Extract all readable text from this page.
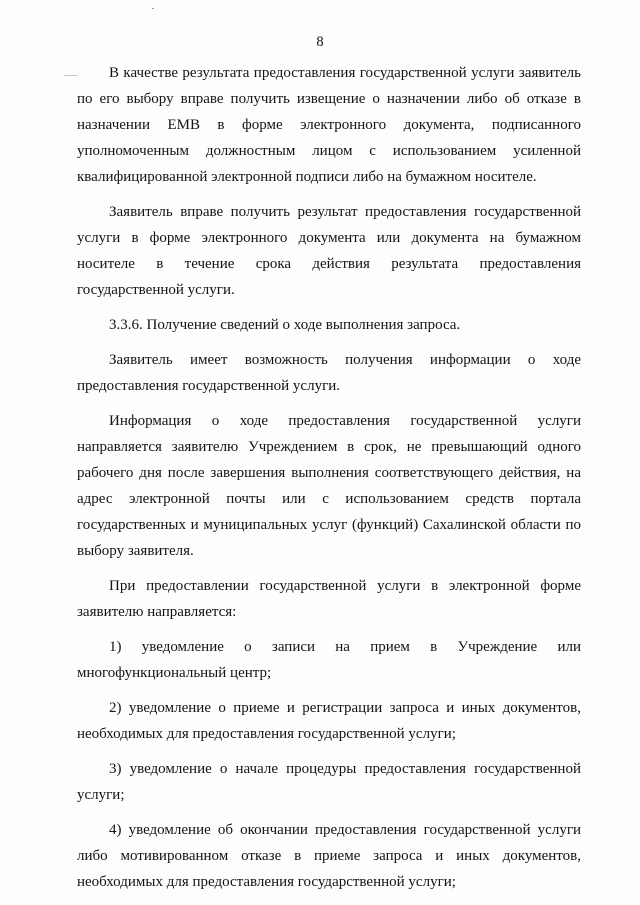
8

В качестве результата предоставления государственной услуги заявитель по его выбору вправе получить извещение о назначении либо об отказе в назначении ЕМВ в форме электронного документа, подписанного уполномоченным должностным лицом с использованием усиленной квалифицированной электронной подписи либо на бумажном носителе.

Заявитель вправе получить результат предоставления государственной услуги в форме электронного документа или документа на бумажном носителе в течение срока действия результата предоставления государственной услуги.

3.3.6. Получение сведений о ходе выполнения запроса.

Заявитель имеет возможность получения информации о ходе предоставления государственной услуги.

Информация о ходе предоставления государственной услуги направляется заявителю Учреждением в срок, не превышающий одного рабочего дня после завершения выполнения соответствующего действия, на адрес электронной почты или с использованием средств портала государственных и муниципальных услуг (функций) Сахалинской области по выбору заявителя.

При предоставлении государственной услуги в электронной форме заявителю направляется:

1) уведомление о записи на прием в Учреждение или многофункциональный центр;

2) уведомление о приеме и регистрации запроса и иных документов, необходимых для предоставления государственной услуги;

3) уведомление о начале процедуры предоставления государственной услуги;

4) уведомление об окончании предоставления государственной услуги либо мотивированном отказе в приеме запроса и иных документов, необходимых для предоставления государственной услуги;
